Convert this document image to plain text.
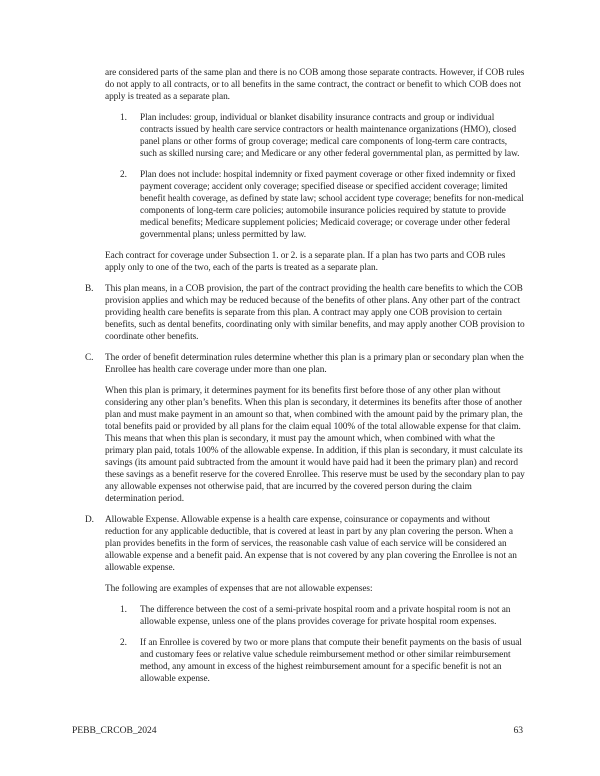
are considered parts of the same plan and there is no COB among those separate contracts. However, if COB rules do not apply to all contracts, or to all benefits in the same contract, the contract or benefit to which COB does not apply is treated as a separate plan.

1.	Plan includes: group, individual or blanket disability insurance contracts and group or individual contracts issued by health care service contractors or health maintenance organizations (HMO), closed panel plans or other forms of group coverage; medical care components of long-term care contracts, such as skilled nursing care; and Medicare or any other federal governmental plan, as permitted by law.
2.	Plan does not include: hospital indemnity or fixed payment coverage or other fixed indemnity or fixed payment coverage; accident only coverage; specified disease or specified accident coverage; limited benefit health coverage, as defined by state law; school accident type coverage; benefits for non-medical components of long-term care policies; automobile insurance policies required by statute to provide medical benefits; Medicare supplement policies; Medicaid coverage; or coverage under other federal governmental plans; unless permitted by law.

Each contract for coverage under Subsection 1. or 2. is a separate plan. If a plan has two parts and COB rules apply only to one of the two, each of the parts is treated as a separate plan.

B.	This plan means, in a COB provision, the part of the contract providing the health care benefits to which the COB provision applies and which may be reduced because of the benefits of other plans. Any other part of the contract providing health care benefits is separate from this plan. A contract may apply one COB provision to certain benefits, such as dental benefits, coordinating only with similar benefits, and may apply another COB provision to coordinate other benefits.
C.	The order of benefit determination rules determine whether this plan is a primary plan or secondary plan when the Enrollee has health care coverage under more than one plan.

When this plan is primary, it determines payment for its benefits first before those of any other plan without considering any other plan’s benefits. When this plan is secondary, it determines its benefits after those of another plan and must make payment in an amount so that, when combined with the amount paid by the primary plan, the total benefits paid or provided by all plans for the claim equal 100% of the total allowable expense for that claim. This means that when this plan is secondary, it must pay the amount which, when combined with what the primary plan paid, totals 100% of the allowable expense. In addition, if this plan is secondary, it must calculate its savings (its amount paid subtracted from the amount it would have paid had it been the primary plan) and record these savings as a benefit reserve for the covered Enrollee. This reserve must be used by the secondary plan to pay any allowable expenses not otherwise paid, that are incurred by the covered person during the claim determination period.

D.	Allowable Expense. Allowable expense is a health care expense, coinsurance or copayments and without reduction for any applicable deductible, that is covered at least in part by any plan covering the person. When a plan provides benefits in the form of services, the reasonable cash value of each service will be considered an allowable expense and a benefit paid. An expense that is not covered by any plan covering the Enrollee is not an allowable expense.

The following are examples of expenses that are not allowable expenses:

1.	The difference between the cost of a semi-private hospital room and a private hospital room is not an allowable expense, unless one of the plans provides coverage for private hospital room expenses.
2.	If an Enrollee is covered by two or more plans that compute their benefit payments on the basis of usual and customary fees or relative value schedule reimbursement method or other similar reimbursement method, any amount in excess of the highest reimbursement amount for a specific benefit is not an allowable expense.
PEBB_CRCOB_2024	63
